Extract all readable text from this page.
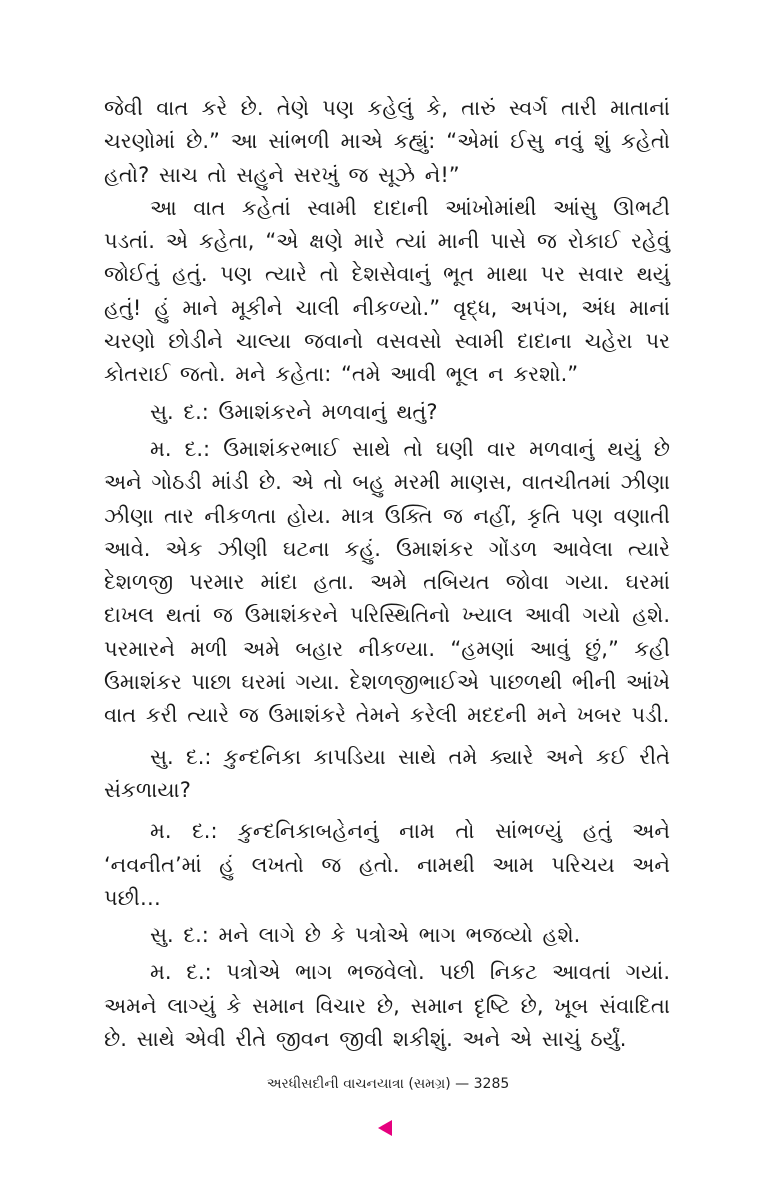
જેવી વાત કરે છે. તેણે પણ કહેલું કે, તારું સ્વર્ગ તારી માતાનાં ચરણોમાં છે.” આ સાંભળી માએ કહ્યું: “એમાં ઈસુ નવું શું કહેતો હતો? સાચ તો સહુને સરખું જ સૂઝે ને!”

આ વાત કહેતાં સ્વામી દાદાની આંખોમાંથી આંસુ ઊભટી પડતાં. એ કહેતા, “એ ક્ષણે મારે ત્યાં માની પાસે જ રોકાઈ રહેવું જોઈતું હતું. પણ ત્યારે તો દેશસેવાનું ભૂત માથા પર સવાર થયું હતું! હું માને મૂકીને ચાલી નીકળ્યો.” વૃદ્ધ, અપંગ, અંધ માનાં ચરણો છોડીને ચાલ્યા જવાનો વસવસો સ્વામી દાદાના ચહેરા પર કોતરાઈ જતો. મને કહેતા: “તમે આવી ભૂલ ન કરશો.”

સુ. દ.: ઉમાશંકરને મળવાનું થતું?

મ. દ.: ઉમાશંકરભાઈ સાથે તો ઘણી વાર મળવાનું થયું છે અને ગોઠડી માંડી છે. એ તો બહુ મરમી માણસ, વાતચીતમાં ઝીણા ઝીણા તાર નીકળતા હોય. માત્ર ઉક્તિ જ નહીં, કૃતિ પણ વણાતી આવે. એક ઝીણી ઘટના કહું. ઉમાશંકર ગોંડળ આવેલા ત્યારે દેશળજી પરમાર માંદા હતા. અમે તબિયત જોવા ગયા. ઘરમાં દાખલ થતાં જ ઉમાશંકરને પરિસ્થિતિનો ખ્યાલ આવી ગયો હશે. પરમારને મળી અમે બહાર નીકળ્યા. “હમણાં આવું છું,” કહી ઉમાશંકર પાછા ઘરમાં ગયા. દેશળજીભાઈએ પાછળથી ભીની આંખે વાત કરી ત્યારે જ ઉમાશંકરે તેમને કરેલી મદદની મને ખબર પડી.

સુ. દ.: કુન્દનિકા કાપડિયા સાથે તમે ક્યારે અને કઈ રીતે સંકળાયા?

મ. દ.: કુન્દનિકાબહેનનું નામ તો સાંભળ્યું હતું અને ‘નવનીત’માં હું લખતો જ હતો. નામથી આમ પરિચય અને પછી…

સુ. દ.: મને લાગે છે કે પત્રોએ ભાગ ભજવ્યો હશે.

મ. દ.: પત્રોએ ભાગ ભજવેલો. પછી નિકટ આવતાં ગયાં. અમને લાગ્યું કે સમાન વિચાર છે, સમાન દૃષ્ટિ છે, ખૂબ સંવાદિતા છે. સાથે એવી રીતે જીવન જીવી શકીશું. અને એ સાચું ઠર્યું.

અરધીસદીની વાચનયાત્રા (સમગ્ર) — 3285
